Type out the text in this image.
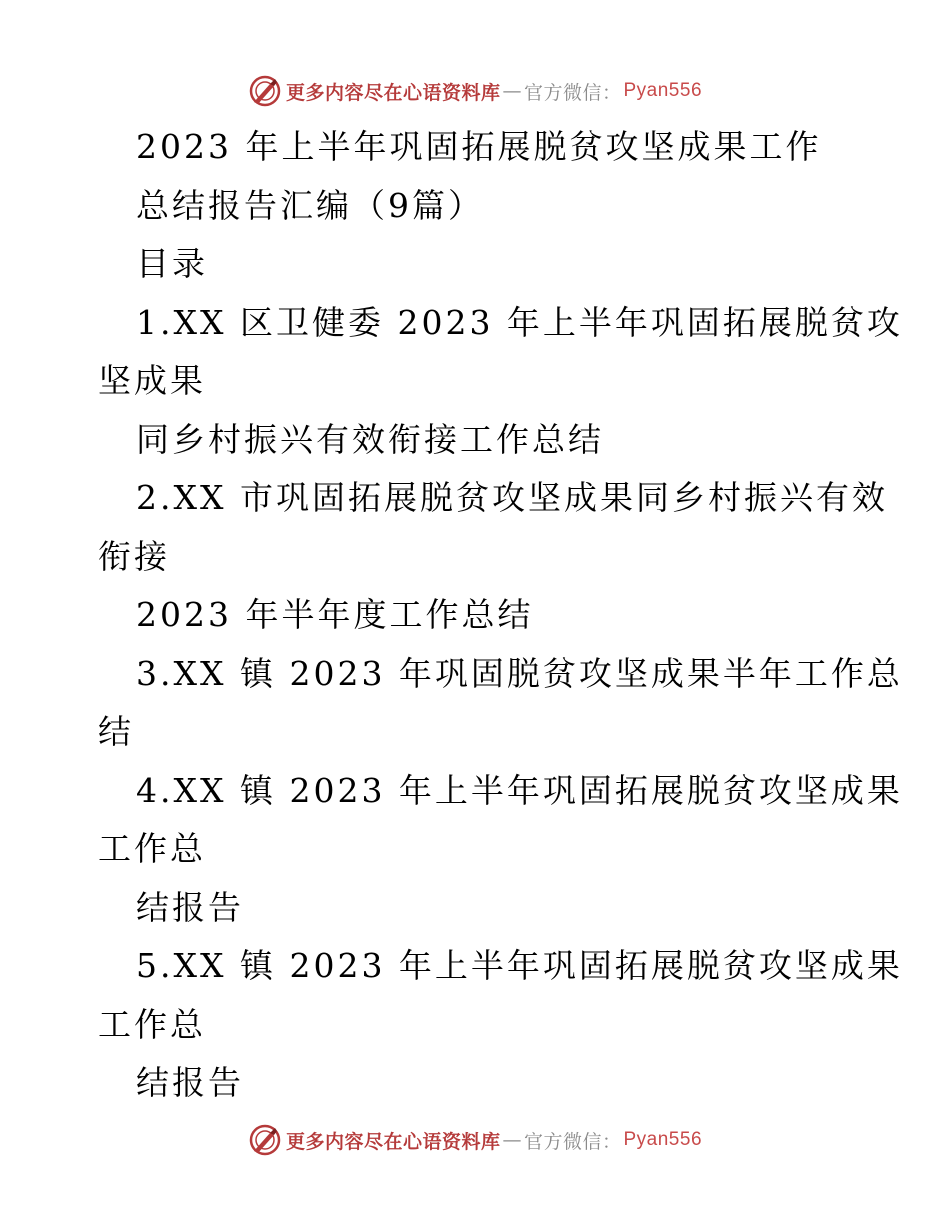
更多内容尽在心语资料库 — 官方微信： Pyan556
2023 年上半年巩固拓展脱贫攻坚成果工作
总结报告汇编（9篇）
目录
1.XX 区卫健委 2023 年上半年巩固拓展脱贫攻
坚成果
同乡村振兴有效衔接工作总结
2.XX 市巩固拓展脱贫攻坚成果同乡村振兴有效
衔接
2023 年半年度工作总结
3.XX 镇 2023 年巩固脱贫攻坚成果半年工作总
结
4.XX 镇 2023 年上半年巩固拓展脱贫攻坚成果
工作总
结报告
5.XX 镇 2023 年上半年巩固拓展脱贫攻坚成果
工作总
结报告
更多内容尽在心语资料库 — 官方微信： Pyan556
